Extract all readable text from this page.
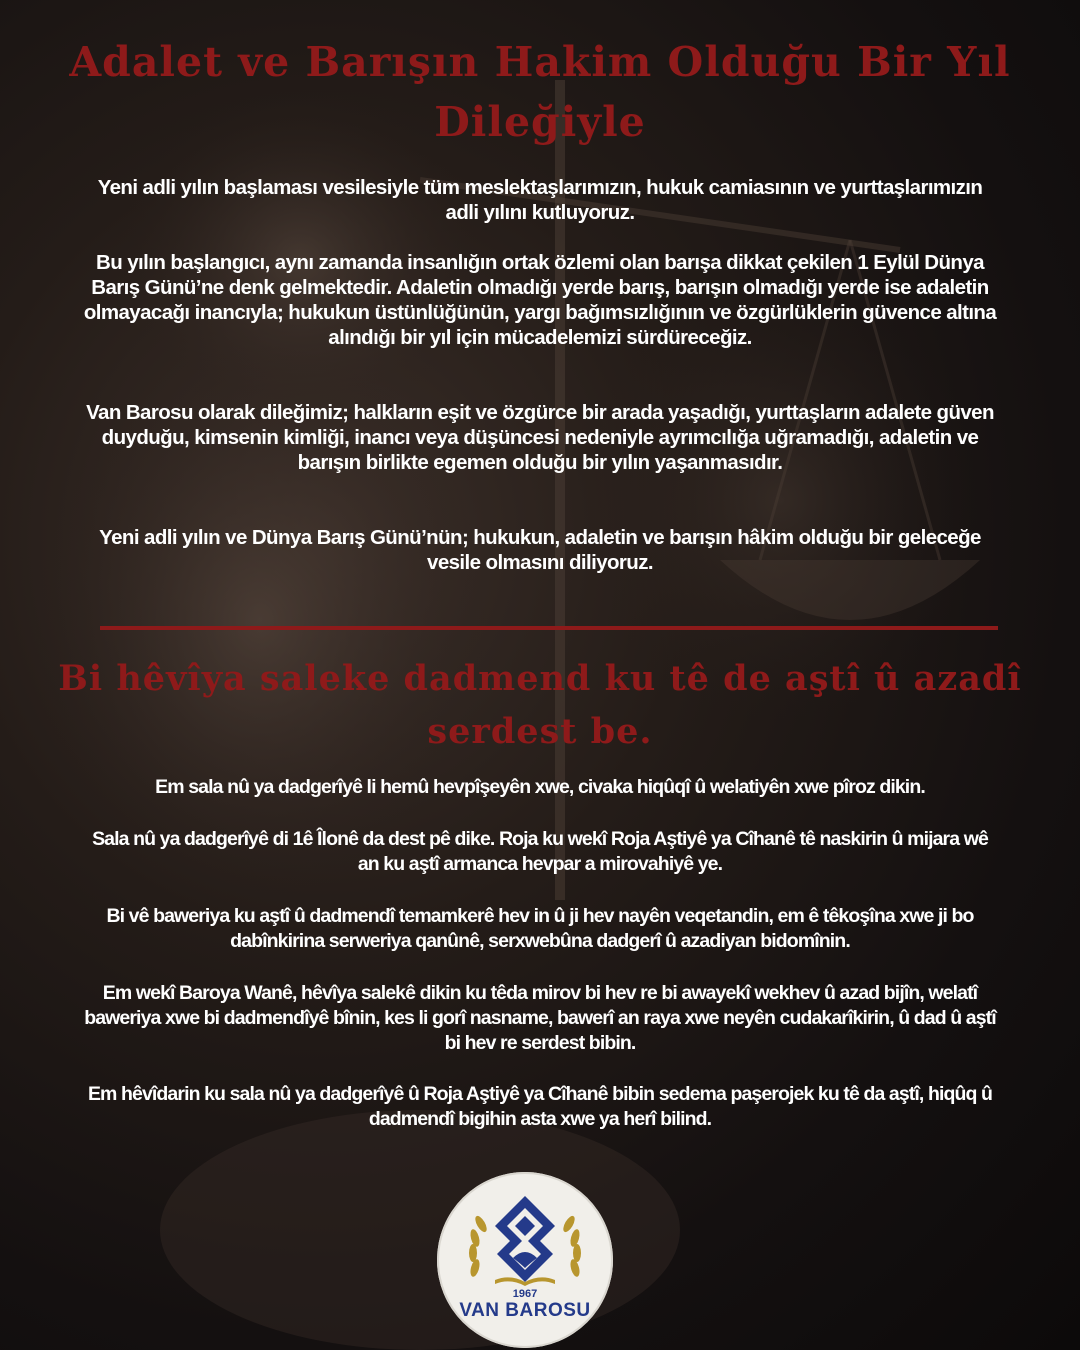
Adalet ve Barışın Hakim Olduğu Bir Yıl Dileğiyle

Yeni adli yılın başlaması vesilesiyle tüm meslektaşlarımızın, hukuk camiasının ve yurttaşlarımızın adli yılını kutluyoruz.

Bu yılın başlangıcı, aynı zamanda insanlığın ortak özlemi olan barışa dikkat çekilen 1 Eylül Dünya Barış Günü’ne denk gelmektedir. Adaletin olmadığı yerde barış, barışın olmadığı yerde ise adaletin olmayacağı inancıyla; hukukun üstünlüğünün, yargı bağımsızlığının ve özgürlüklerin güvence altına alındığı bir yıl için mücadelemizi sürdüreceğiz.

Van Barosu olarak dileğimiz; halkların eşit ve özgürce bir arada yaşadığı, yurttaşların adalete güven duyduğu, kimsenin kimliği, inancı veya düşüncesi nedeniyle ayrımcılığa uğramadığı, adaletin ve barışın birlikte egemen olduğu bir yılın yaşanmasıdır.

Yeni adli yılın ve Dünya Barış Günü’nün; hukukun, adaletin ve barışın hâkim olduğu bir geleceğe vesile olmasını diliyoruz.

Bi hêvîya saleke dadmend ku tê de aştî û azadî serdest be.

Em sala nû ya dadgerîyê li hemû hevpîşeyên xwe, civaka hiqûqî û welatiyên xwe pîroz dikin.

Sala nû ya dadgerîyê di 1ê Îlonê da dest pê dike. Roja ku wekî Roja Aştiyê ya Cîhanê tê naskirin û mijara wê an ku aştî armanca hevpar a mirovahiyê ye.

Bi vê baweriya ku aştî û dadmendî temamkerê hev in û ji hev nayên veqetandin, em ê têkoşîna xwe ji bo dabînkirina serweriya qanûnê, serxwebûna dadgerî û azadiyan bidomînin.

Em wekî Baroya Wanê, hêvîya salekê dikin ku têda mirov bi hev re bi awayekî wekhev û azad bijîn, welatî baweriya xwe bi dadmendîyê bînin, kes li gorî nasname, bawerî an raya xwe neyên cudakarîkirin, û dad û aştî bi hev re serdest bibin.

Em hêvîdarin ku sala nû ya dadgerîyê û Roja Aştiyê ya Cîhanê bibin sedema paşerojek ku tê da aştî, hiqûq û dadmendî bigihin asta xwe ya herî bilind.

1967
VAN BAROSU
